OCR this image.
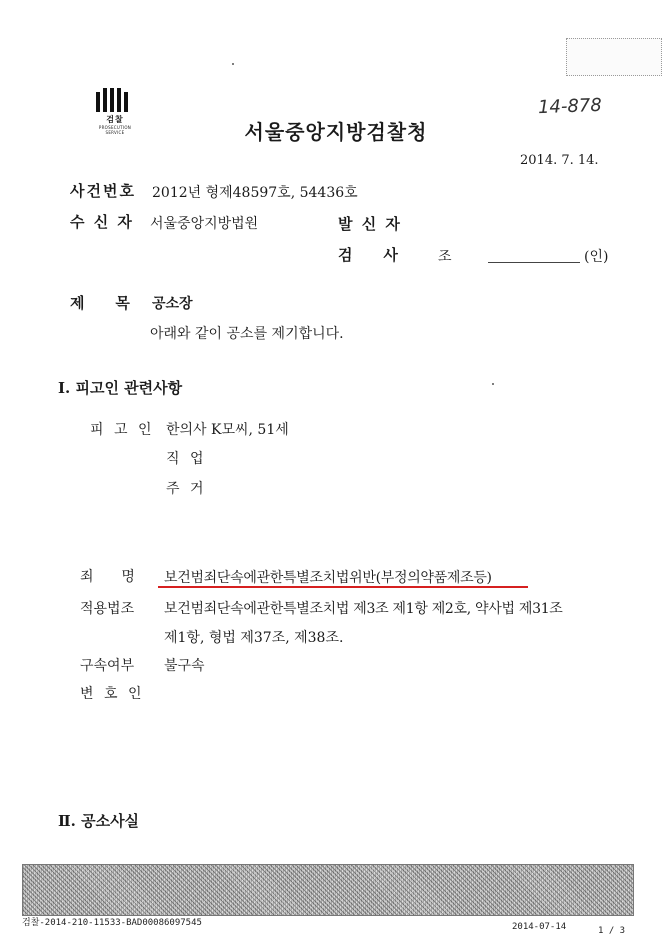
검찰
PROSECUTION SERVICE
14-878
서울중앙지방검찰청
2014. 7. 14.
사건번호 2012년 형제48597호, 54436호
수 신 자 서울중앙지방법원	발 신 자
검    사	조	(인)
제    목 공소장
아래와 같이 공소를 제기합니다.
Ⅰ. 피고인 관련사항
피 고 인 한의사 K모씨, 51세
직 업
주 거
죄    명 보건범죄단속에관한특별조치법위반(부정의약품제조등)
적용법조 보건범죄단속에관한특별조치법 제3조 제1항 제2호, 약사법 제31조
제1항, 형법 제37조, 제38조.
구속여부 불구속
변 호 인
Ⅱ. 공소사실
검찰-2014-210-11533-BAD00086097545	2014-07-14	1 / 3
